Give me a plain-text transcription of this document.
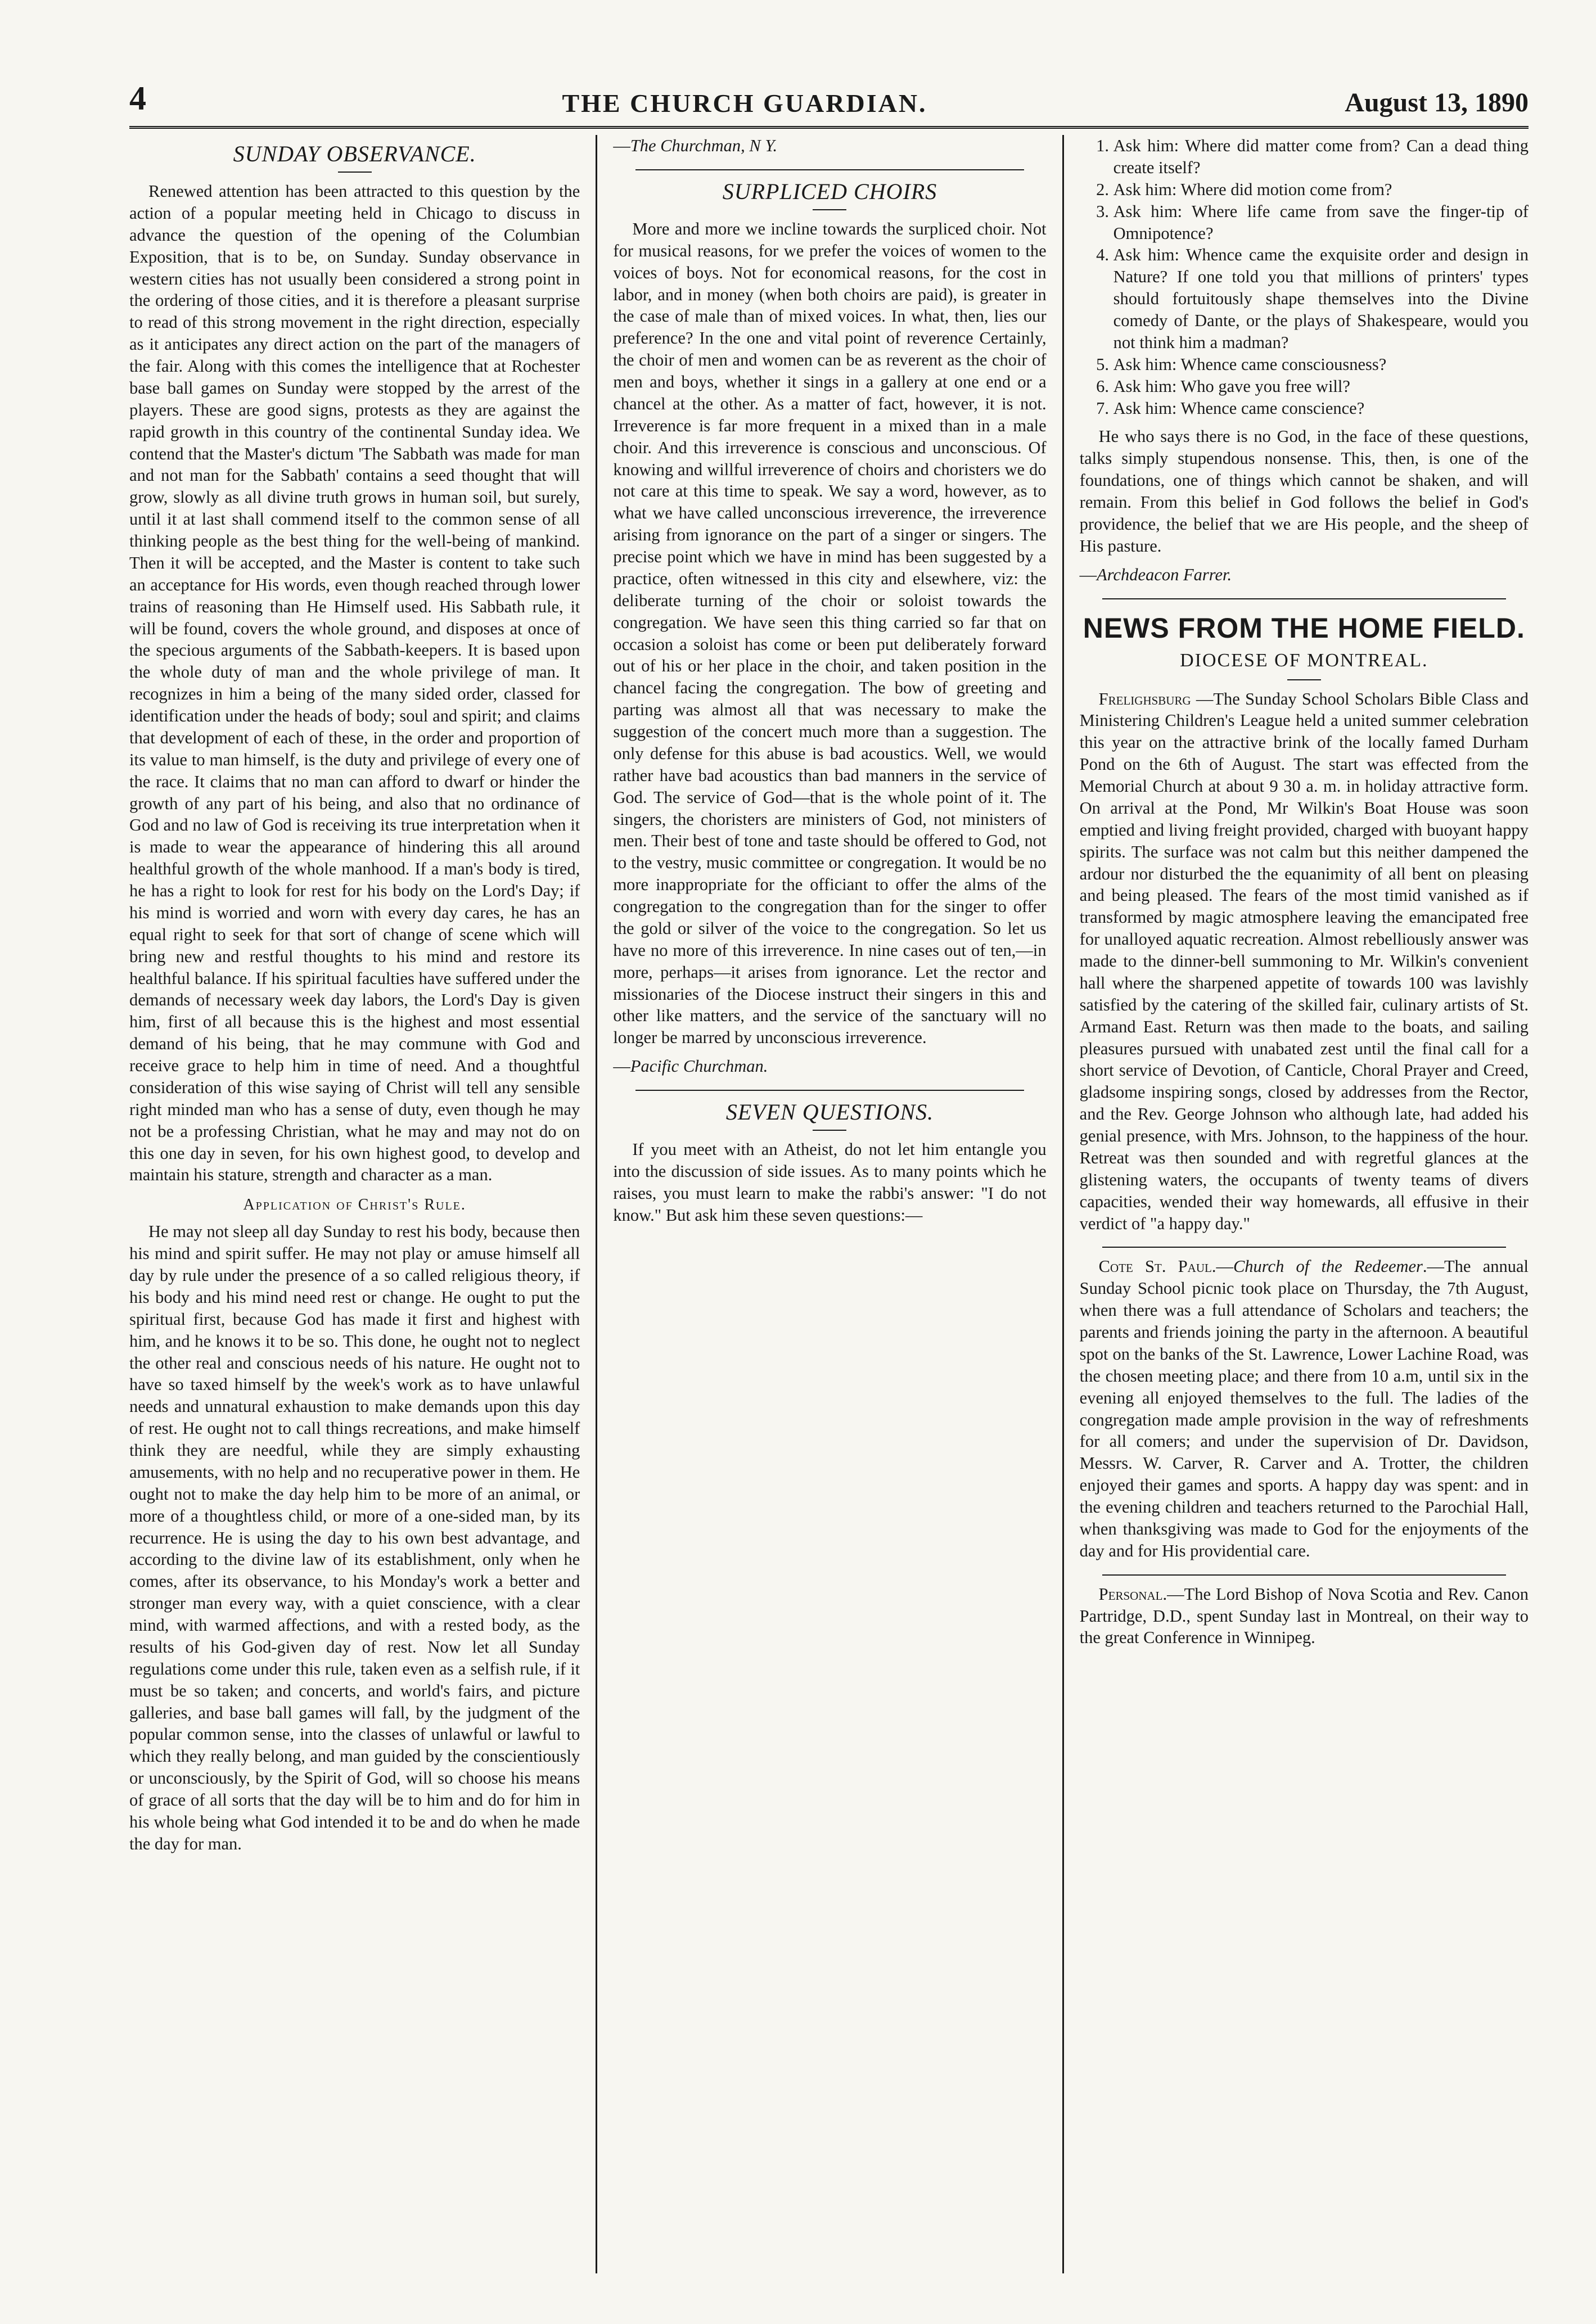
4	THE CHURCH GUARDIAN.	August 13, 1890
SUNDAY OBSERVANCE.

Renewed attention has been attracted to this question by the action of a popular meeting held in Chicago to discuss in advance the question of the opening of the Columbian Exposition, that is to be, on Sunday. Sunday observance in western cities has not usually been considered a strong point in the ordering of those cities, and it is therefore a pleasant surprise to read of this strong movement in the right direction, especially as it anticipates any direct action on the part of the managers of the fair. Along with this comes the intelligence that at Rochester base ball games on Sunday were stopped by the arrest of the players. These are good signs, protests as they are against the rapid growth in this country of the continental Sunday idea. We contend that the Master's dictum 'The Sabbath was made for man and not man for the Sabbath' contains a seed thought that will grow, slowly as all divine truth grows in human soil, but surely, until it at last shall commend itself to the common sense of all thinking people as the best thing for the well-being of mankind. Then it will be accepted, and the Master is content to take such an acceptance for His words, even though reached through lower trains of reasoning than He Himself used. His Sabbath rule, it will be found, covers the whole ground, and disposes at once of the specious arguments of the Sabbath-keepers. It is based upon the whole duty of man and the whole privilege of man. It recognizes in him a being of the many sided order, classed for identification under the heads of body; soul and spirit; and claims that development of each of these, in the order and proportion of its value to man himself, is the duty and privilege of every one of the race. It claims that no man can afford to dwarf or hinder the growth of any part of his being, and also that no ordinance of God and no law of God is receiving its true interpretation when it is made to wear the appearance of hindering this all around healthful growth of the whole manhood. If a man's body is tired, he has a right to look for rest for his body on the Lord's Day; if his mind is worried and worn with every day cares, he has an equal right to seek for that sort of change of scene which will bring new and restful thoughts to his mind and restore its healthful balance. If his spiritual faculties have suffered under the demands of necessary week day labors, the Lord's Day is given him, first of all because this is the highest and most essential demand of his being, that he may commune with God and receive grace to help him in time of need. And a thoughtful consideration of this wise saying of Christ will tell any sensible right minded man who has a sense of duty, even though he may not be a professing Christian, what he may and may not do on this one day in seven, for his own highest good, to develop and maintain his stature, strength and character as a man.

Application of Christ's Rule.

He may not sleep all day Sunday to rest his body, because then his mind and spirit suffer. He may not play or amuse himself all day by rule under the presence of a so called religious theory, if his body and his mind need rest or change. He ought to put the spiritual first, because God has made it first and highest with him, and he knows it to be so. This done, he ought not to neglect the other real and conscious needs of his nature. He ought not to have so taxed himself by the week's work as to have unlawful needs and unnatural exhaustion to make demands upon this day of rest. He ought not to call things recreations, and make himself think they are needful, while they are simply exhausting amusements, with no help and no recuperative power in them. He ought not to make the day help him to be more of an animal, or more of a thoughtless child, or more of a one-sided man, by its recurrence. He is using the day to his own best advantage, and according to the divine law of its establishment, only when he comes, after its observance, to his Monday's work a better and stronger man every way, with a quiet conscience, with a clear mind, with warmed affections, and with a rested body, as the results of his God-given day of rest. Now let all Sunday regulations come under this rule, taken even as a selfish rule, if it must be so taken; and concerts, and world's fairs, and picture galleries, and base ball games will fall, by the judgment of the popular common sense, into the classes of unlawful or lawful to which they really belong, and man guided by the conscientiously or unconsciously, by the Spirit of God, will so choose his means of grace of all sorts that the day will be to him and do for him in his whole being what God intended it to be and do when he made the day for man.

—The Churchman, N Y.

SURPLICED CHOIRS

More and more we incline towards the surpliced choir. Not for musical reasons, for we prefer the voices of women to the voices of boys. Not for economical reasons, for the cost in labor, and in money (when both choirs are paid), is greater in the case of male than of mixed voices. In what, then, lies our preference? In the one and vital point of reverence Certainly, the choir of men and women can be as reverent as the choir of men and boys, whether it sings in a gallery at one end or a chancel at the other. As a matter of fact, however, it is not. Irreverence is far more frequent in a mixed than in a male choir. And this irreverence is conscious and unconscious. Of knowing and willful irreverence of choirs and choristers we do not care at this time to speak. We say a word, however, as to what we have called unconscious irreverence, the irreverence arising from ignorance on the part of a singer or singers. The precise point which we have in mind has been suggested by a practice, often witnessed in this city and elsewhere, viz: the deliberate turning of the choir or soloist towards the congregation. We have seen this thing carried so far that on occasion a soloist has come or been put deliberately forward out of his or her place in the choir, and taken position in the chancel facing the congregation. The bow of greeting and parting was almost all that was necessary to make the suggestion of the concert much more than a suggestion. The only defense for this abuse is bad acoustics. Well, we would rather have bad acoustics than bad manners in the service of God. The service of God—that is the whole point of it. The singers, the choristers are ministers of God, not ministers of men. Their best of tone and taste should be offered to God, not to the vestry, music committee or congregation. It would be no more inappropriate for the officiant to offer the alms of the congregation to the congregation than for the singer to offer the gold or silver of the voice to the congregation. So let us have no more of this irreverence. In nine cases out of ten,—in more, perhaps—it arises from ignorance. Let the rector and missionaries of the Diocese instruct their singers in this and other like matters, and the service of the sanctuary will no longer be marred by unconscious irreverence.

—Pacific Churchman.

SEVEN QUESTIONS.

If you meet with an Atheist, do not let him entangle you into the discussion of side issues. As to many points which he raises, you must learn to make the rabbi's answer: "I do not know." But ask him these seven questions:—

1. Ask him: Where did matter come from? Can a dead thing create itself?
2. Ask him: Where did motion come from?
3. Ask him: Where life came from save the finger-tip of Omnipotence?
4. Ask him: Whence came the exquisite order and design in Nature? If one told you that millions of printers' types should fortuitously shape themselves into the Divine comedy of Dante, or the plays of Shakespeare, would you not think him a madman?
5. Ask him: Whence came consciousness?
6. Ask him: Who gave you free will?
7. Ask him: Whence came conscience?

He who says there is no God, in the face of these questions, talks simply stupendous nonsense. This, then, is one of the foundations, one of things which cannot be shaken, and will remain. From this belief in God follows the belief in God's providence, the belief that we are His people, and the sheep of His pasture.

—Archdeacon Farrer.

NEWS FROM THE HOME FIELD.
DIOCESE OF MONTREAL.

Frelighsburg —The Sunday School Scholars Bible Class and Ministering Children's League held a united summer celebration this year on the attractive brink of the locally famed Durham Pond on the 6th of August. The start was effected from the Memorial Church at about 9 30 a. m. in holiday attractive form. On arrival at the Pond, Mr Wilkin's Boat House was soon emptied and living freight provided, charged with buoyant happy spirits. The surface was not calm but this neither dampened the ardour nor disturbed the the equanimity of all bent on pleasing and being pleased. The fears of the most timid vanished as if transformed by magic atmosphere leaving the emancipated free for unalloyed aquatic recreation. Almost rebelliously answer was made to the dinner-bell summoning to Mr. Wilkin's convenient hall where the sharpened appetite of towards 100 was lavishly satisfied by the catering of the skilled fair, culinary artists of St. Armand East. Return was then made to the boats, and sailing pleasures pursued with unabated zest until the final call for a short service of Devotion, of Canticle, Choral Prayer and Creed, gladsome inspiring songs, closed by addresses from the Rector, and the Rev. George Johnson who although late, had added his genial presence, with Mrs. Johnson, to the happiness of the hour. Retreat was then sounded and with regretful glances at the glistening waters, the occupants of twenty teams of divers capacities, wended their way homewards, all effusive in their verdict of "a happy day."

Cote St. Paul.—Church of the Redeemer.—The annual Sunday School picnic took place on Thursday, the 7th August, when there was a full attendance of Scholars and teachers; the parents and friends joining the party in the afternoon. A beautiful spot on the banks of the St. Lawrence, Lower Lachine Road, was the chosen meeting place; and there from 10 a.m, until six in the evening all enjoyed themselves to the full. The ladies of the congregation made ample provision in the way of refreshments for all comers; and under the supervision of Dr. Davidson, Messrs. W. Carver, R. Carver and A. Trotter, the children enjoyed their games and sports. A happy day was spent: and in the evening children and teachers returned to the Parochial Hall, when thanksgiving was made to God for the enjoyments of the day and for His providential care.

Personal.—The Lord Bishop of Nova Scotia and Rev. Canon Partridge, D.D., spent Sunday last in Montreal, on their way to the great Conference in Winnipeg.
